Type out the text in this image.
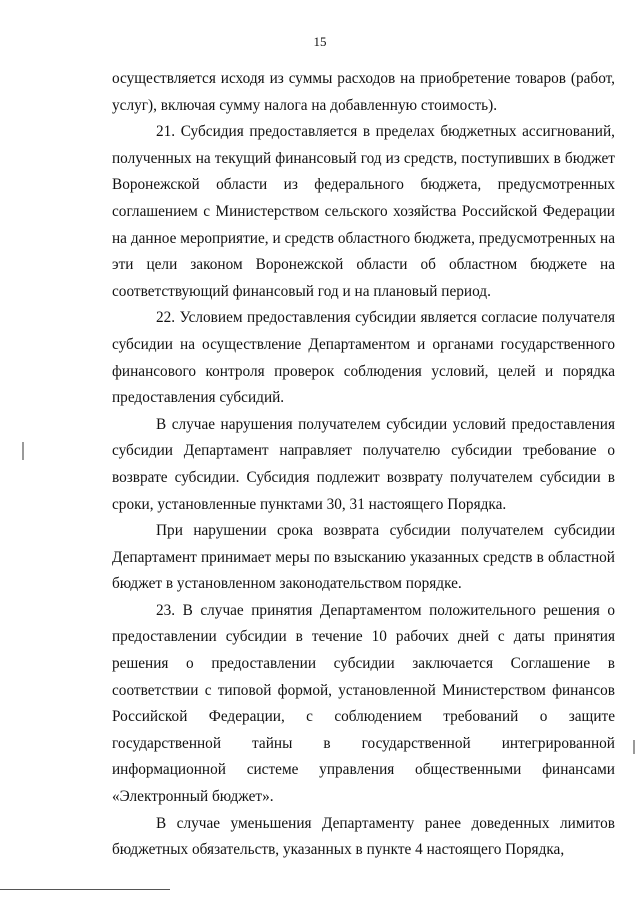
15

осуществляется исходя из суммы расходов на приобретение товаров (работ, услуг), включая сумму налога на добавленную стоимость).

21. Субсидия предоставляется в пределах бюджетных ассигнований, полученных на текущий финансовый год из средств, поступивших в бюджет Воронежской области из федерального бюджета, предусмотренных соглашением с Министерством сельского хозяйства Российской Федерации на данное мероприятие, и средств областного бюджета, предусмотренных на эти цели законом Воронежской области об областном бюджете на соответствующий финансовый год и на плановый период.

22. Условием предоставления субсидии является согласие получателя субсидии на осуществление Департаментом и органами государственного финансового контроля проверок соблюдения условий, целей и порядка предоставления субсидий.

В случае нарушения получателем субсидии условий предоставления субсидии Департамент направляет получателю субсидии требование о возврате субсидии. Субсидия подлежит возврату получателем субсидии в сроки, установленные пунктами 30, 31 настоящего Порядка.

При нарушении срока возврата субсидии получателем субсидии Департамент принимает меры по взысканию указанных средств в областной бюджет в установленном законодательством порядке.

23. В случае принятия Департаментом положительного решения о предоставлении субсидии в течение 10 рабочих дней с даты принятия решения о предоставлении субсидии заключается Соглашение в соответствии с типовой формой, установленной Министерством финансов Российской Федерации, с соблюдением требований о защите государственной тайны в государственной интегрированной информационной системе управления общественными финансами «Электронный бюджет».

В случае уменьшения Департаменту ранее доведенных лимитов бюджетных обязательств, указанных в пункте 4 настоящего Порядка,
